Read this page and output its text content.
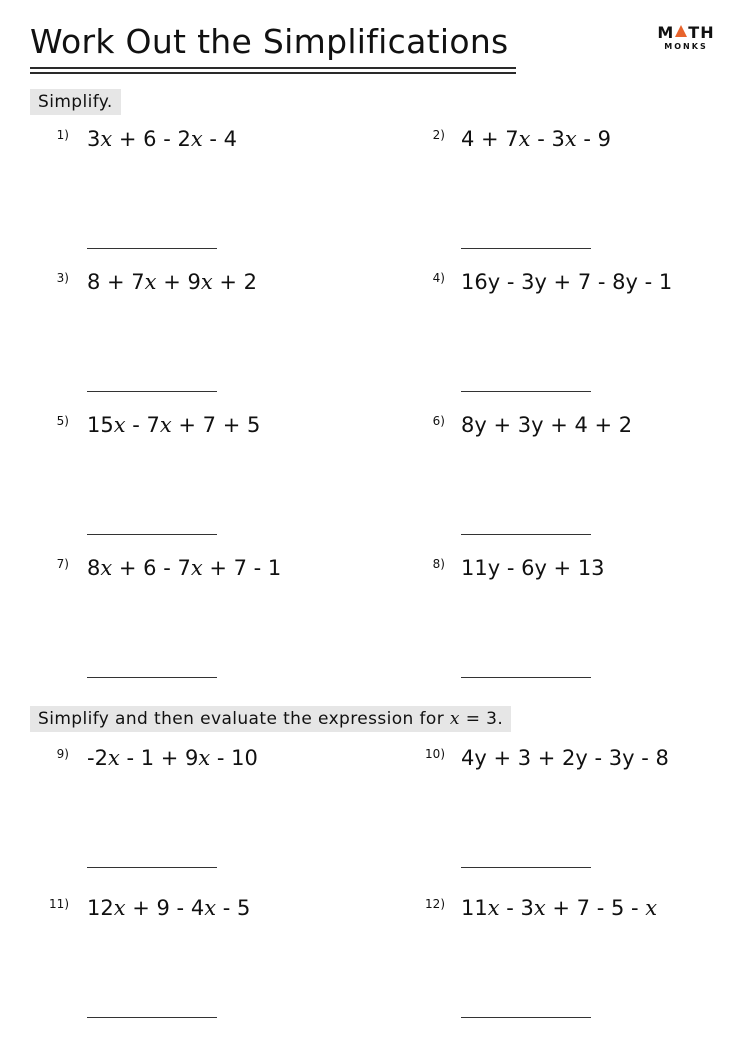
Work Out the Simplifications	M TH
MONKS
Simplify.
1) 3x + 6 - 2x - 4	2) 4 + 7x - 3x - 9
3) 8 + 7x + 9x + 2	4) 16y - 3y + 7 - 8y - 1
5) 15x - 7x + 7 + 5	6) 8y + 3y + 4 + 2
7) 8x + 6 - 7x + 7 - 1	8) 11y - 6y + 13
Simplify and then evaluate the expression for x = 3.
9) -2x - 1 + 9x - 10	10) 4y + 3 + 2y - 3y - 8
11) 12x + 9 - 4x - 5	12) 11x - 3x + 7 - 5 - x
